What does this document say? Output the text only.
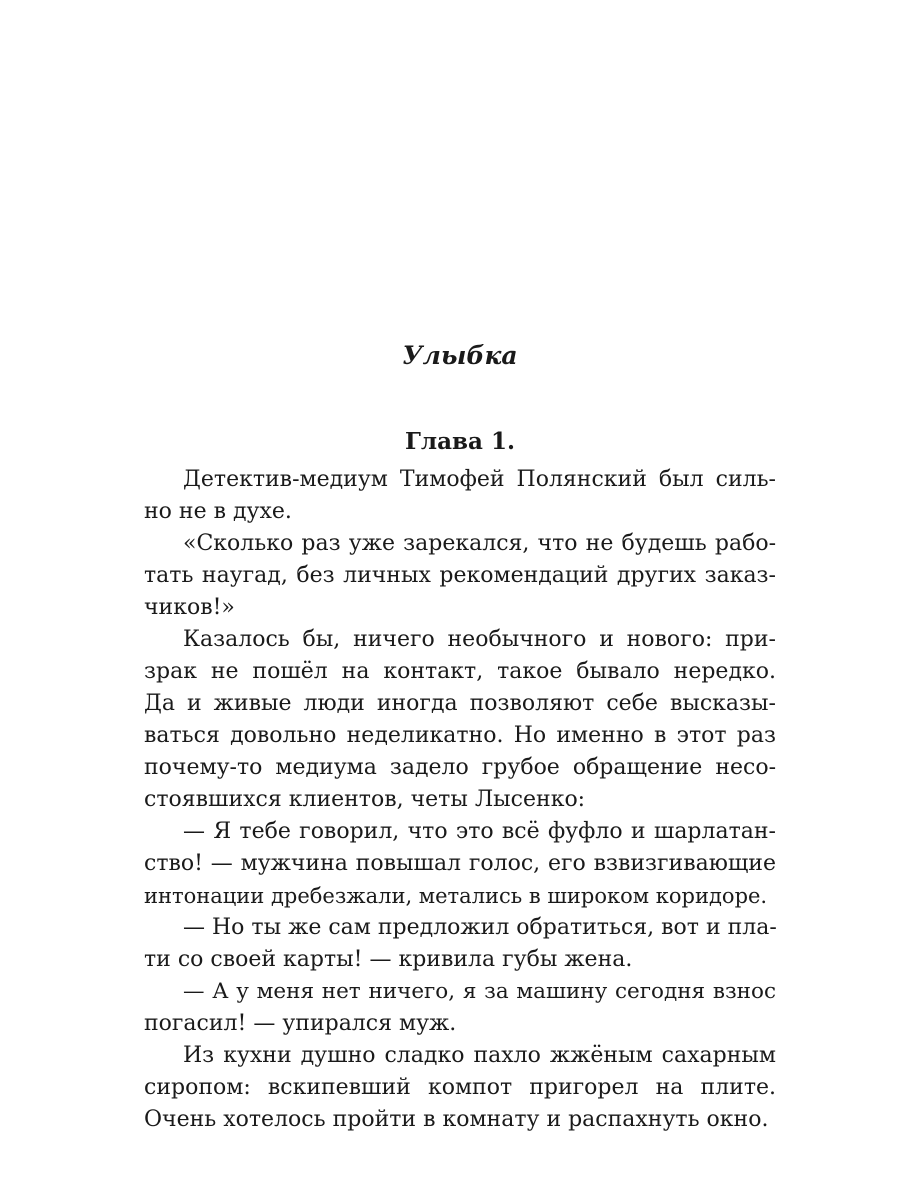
Улыбка
Глава 1.
Детектив-медиум Тимофей Полянский был силь-
но не в духе.
«Сколько раз уже зарекался, что не будешь рабо-
тать наугад, без личных рекомендаций других заказ-
чиков!»
Казалось бы, ничего необычного и нового: при-
зрак не пошёл на контакт, такое бывало нередко.
Да и живые люди иногда позволяют себе высказы-
ваться довольно неделикатно. Но именно в этот раз
почему-то медиума задело грубое обращение несо-
стоявшихся клиентов, четы Лысенко:
— Я тебе говорил, что это всё фуфло и шарлатан-
ство! — мужчина повышал голос, его взвизгивающие
интонации дребезжали, метались в широком коридоре.
— Но ты же сам предложил обратиться, вот и пла-
ти со своей карты! — кривила губы жена.
— А у меня нет ничего, я за машину сегодня взнос
погасил! — упирался муж.
Из кухни душно сладко пахло жжёным сахарным
сиропом: вскипевший компот пригорел на плите.
Очень хотелось пройти в комнату и распахнуть окно.
